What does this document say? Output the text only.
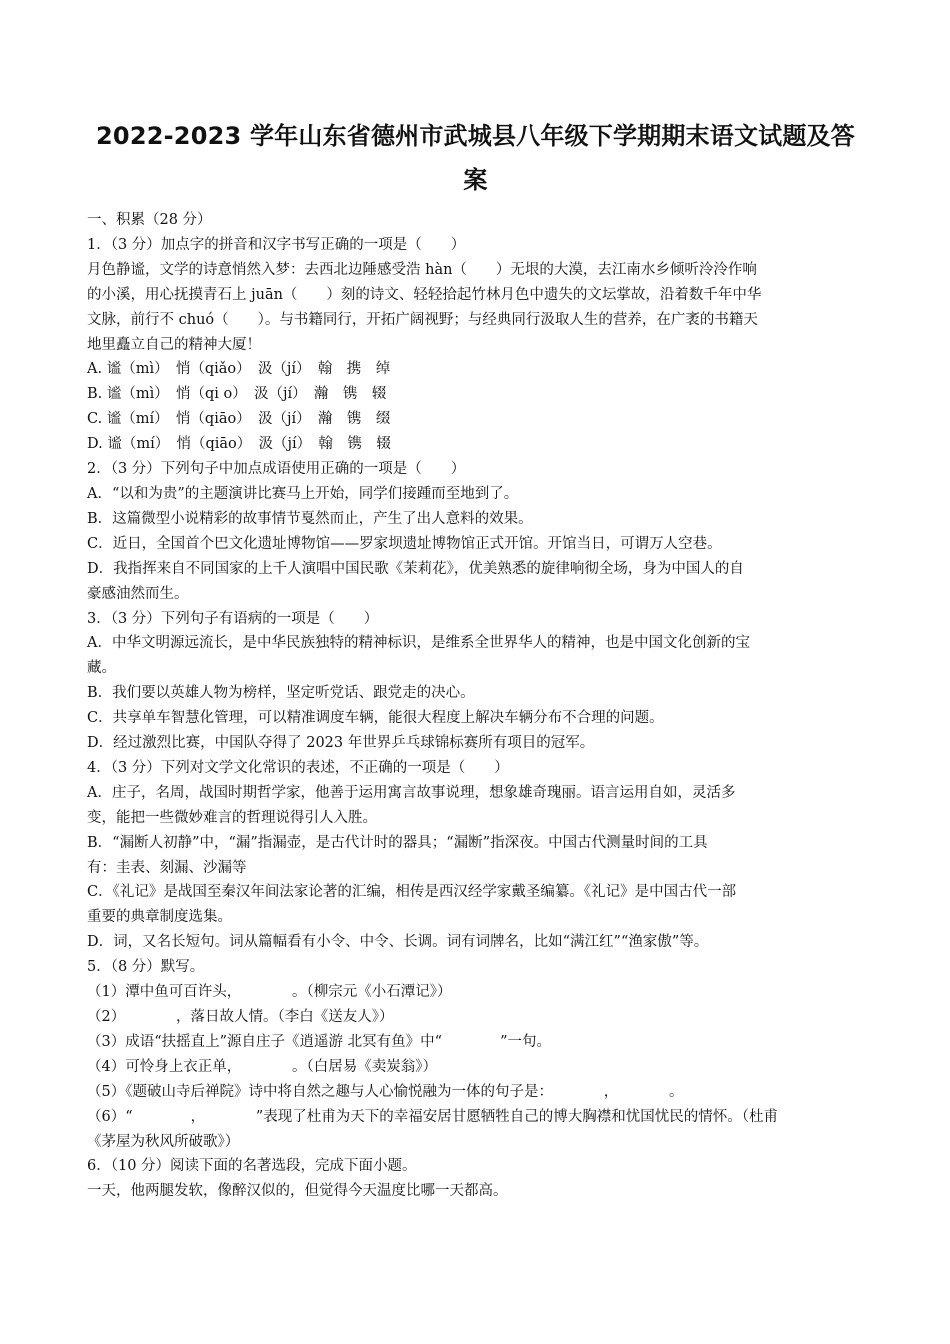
2022-2023 学年山东省德州市武城县八年级下学期期末语文试题及答
案

一、积累（28 分）

1．（3 分）加点字的拼音和汉字书写正确的一项是（　　）

月色静谧，文学的诗意悄然入梦：去西北边陲感受浩 hàn（　　）无垠的大漠，去江南水乡倾听泠泠作响

的小溪，用心抚摸青石上 juān（　　）刻的诗文、轻轻拾起竹林月色中遗失的文坛掌故，沿着数千年中华

文脉，前行不 chuó（　　）。与书籍同行，开拓广阔视野；与经典同行汲取人生的营养，在广袤的书籍天

地里矗立自己的精神大厦！

A. 谧（mì）　悄（qiǎo）　汲（jí）　翰　携　绰

B. 谧（mì）　悄（qi o）　汲（jí）　瀚　镌　辍

C. 谧（mí）　悄（qiāo）　汲（jí）　瀚　镌　缀

D. 谧（mí）　悄（qiāo）　汲（jí）　翰　镌　辍

2．（3 分）下列句子中加点成语使用正确的一项是（　　）

A．“以和为贵”的主题演讲比赛马上开始，同学们接踵而至地到了。

B．这篇微型小说精彩的故事情节戛然而止，产生了出人意料的效果。

C．近日，全国首个巴文化遗址博物馆——罗家坝遗址博物馆正式开馆。开馆当日，可谓万人空巷。

D．我指挥来自不同国家的上千人演唱中国民歌《茉莉花》，优美熟悉的旋律响彻全场，身为中国人的自

豪感油然而生。

3．（3 分）下列句子有语病的一项是（　　）

A．中华文明源远流长，是中华民族独特的精神标识，是维系全世界华人的精神，也是中国文化创新的宝

藏。

B．我们要以英雄人物为榜样，坚定听党话、跟党走的决心。

C．共享单车智慧化管理，可以精准调度车辆，能很大程度上解决车辆分布不合理的问题。

D．经过激烈比赛，中国队夺得了 2023 年世界乒乓球锦标赛所有项目的冠军。

4．（3 分）下列对文学文化常识的表述，不正确的一项是（　　）

A．庄子，名周，战国时期哲学家，他善于运用寓言故事说理，想象雄奇瑰丽。语言运用自如，灵活多

变，能把一些微妙难言的哲理说得引人入胜。

B．“漏断人初静”中，“漏”指漏壶，是古代计时的器具；“漏断”指深夜。中国古代测量时间的工具

有：圭表、刻漏、沙漏等

C．《礼记》是战国至秦汉年间法家论著的汇编，相传是西汉经学家戴圣编纂。《礼记》是中国古代一部

重要的典章制度选集。

D．词，又名长短句。词从篇幅看有小令、中令、长调。词有词牌名，比如“满江红”“渔家傲”等。

5．（8 分）默写。

（1）潭中鱼可百许头，　　　　。（柳宗元《小石潭记》）

（2）　　　　，落日故人情。（李白《送友人》）

（3）成语“扶摇直上”源自庄子《逍遥游 北冥有鱼》中“　　　　”一句。

（4）可怜身上衣正单，　　　　。（白居易《卖炭翁》）

（5）《题破山寺后禅院》诗中将自然之趣与人心愉悦融为一体的句子是：　　　　，　　　　。

（6）“　　　　，　　　　”表现了杜甫为天下的幸福安居甘愿牺牲自己的博大胸襟和忧国忧民的情怀。（杜甫

《茅屋为秋风所破歌》）

6．（10 分）阅读下面的名著选段，完成下面小题。

一天，他两腿发软，像醉汉似的，但觉得今天温度比哪一天都高。
